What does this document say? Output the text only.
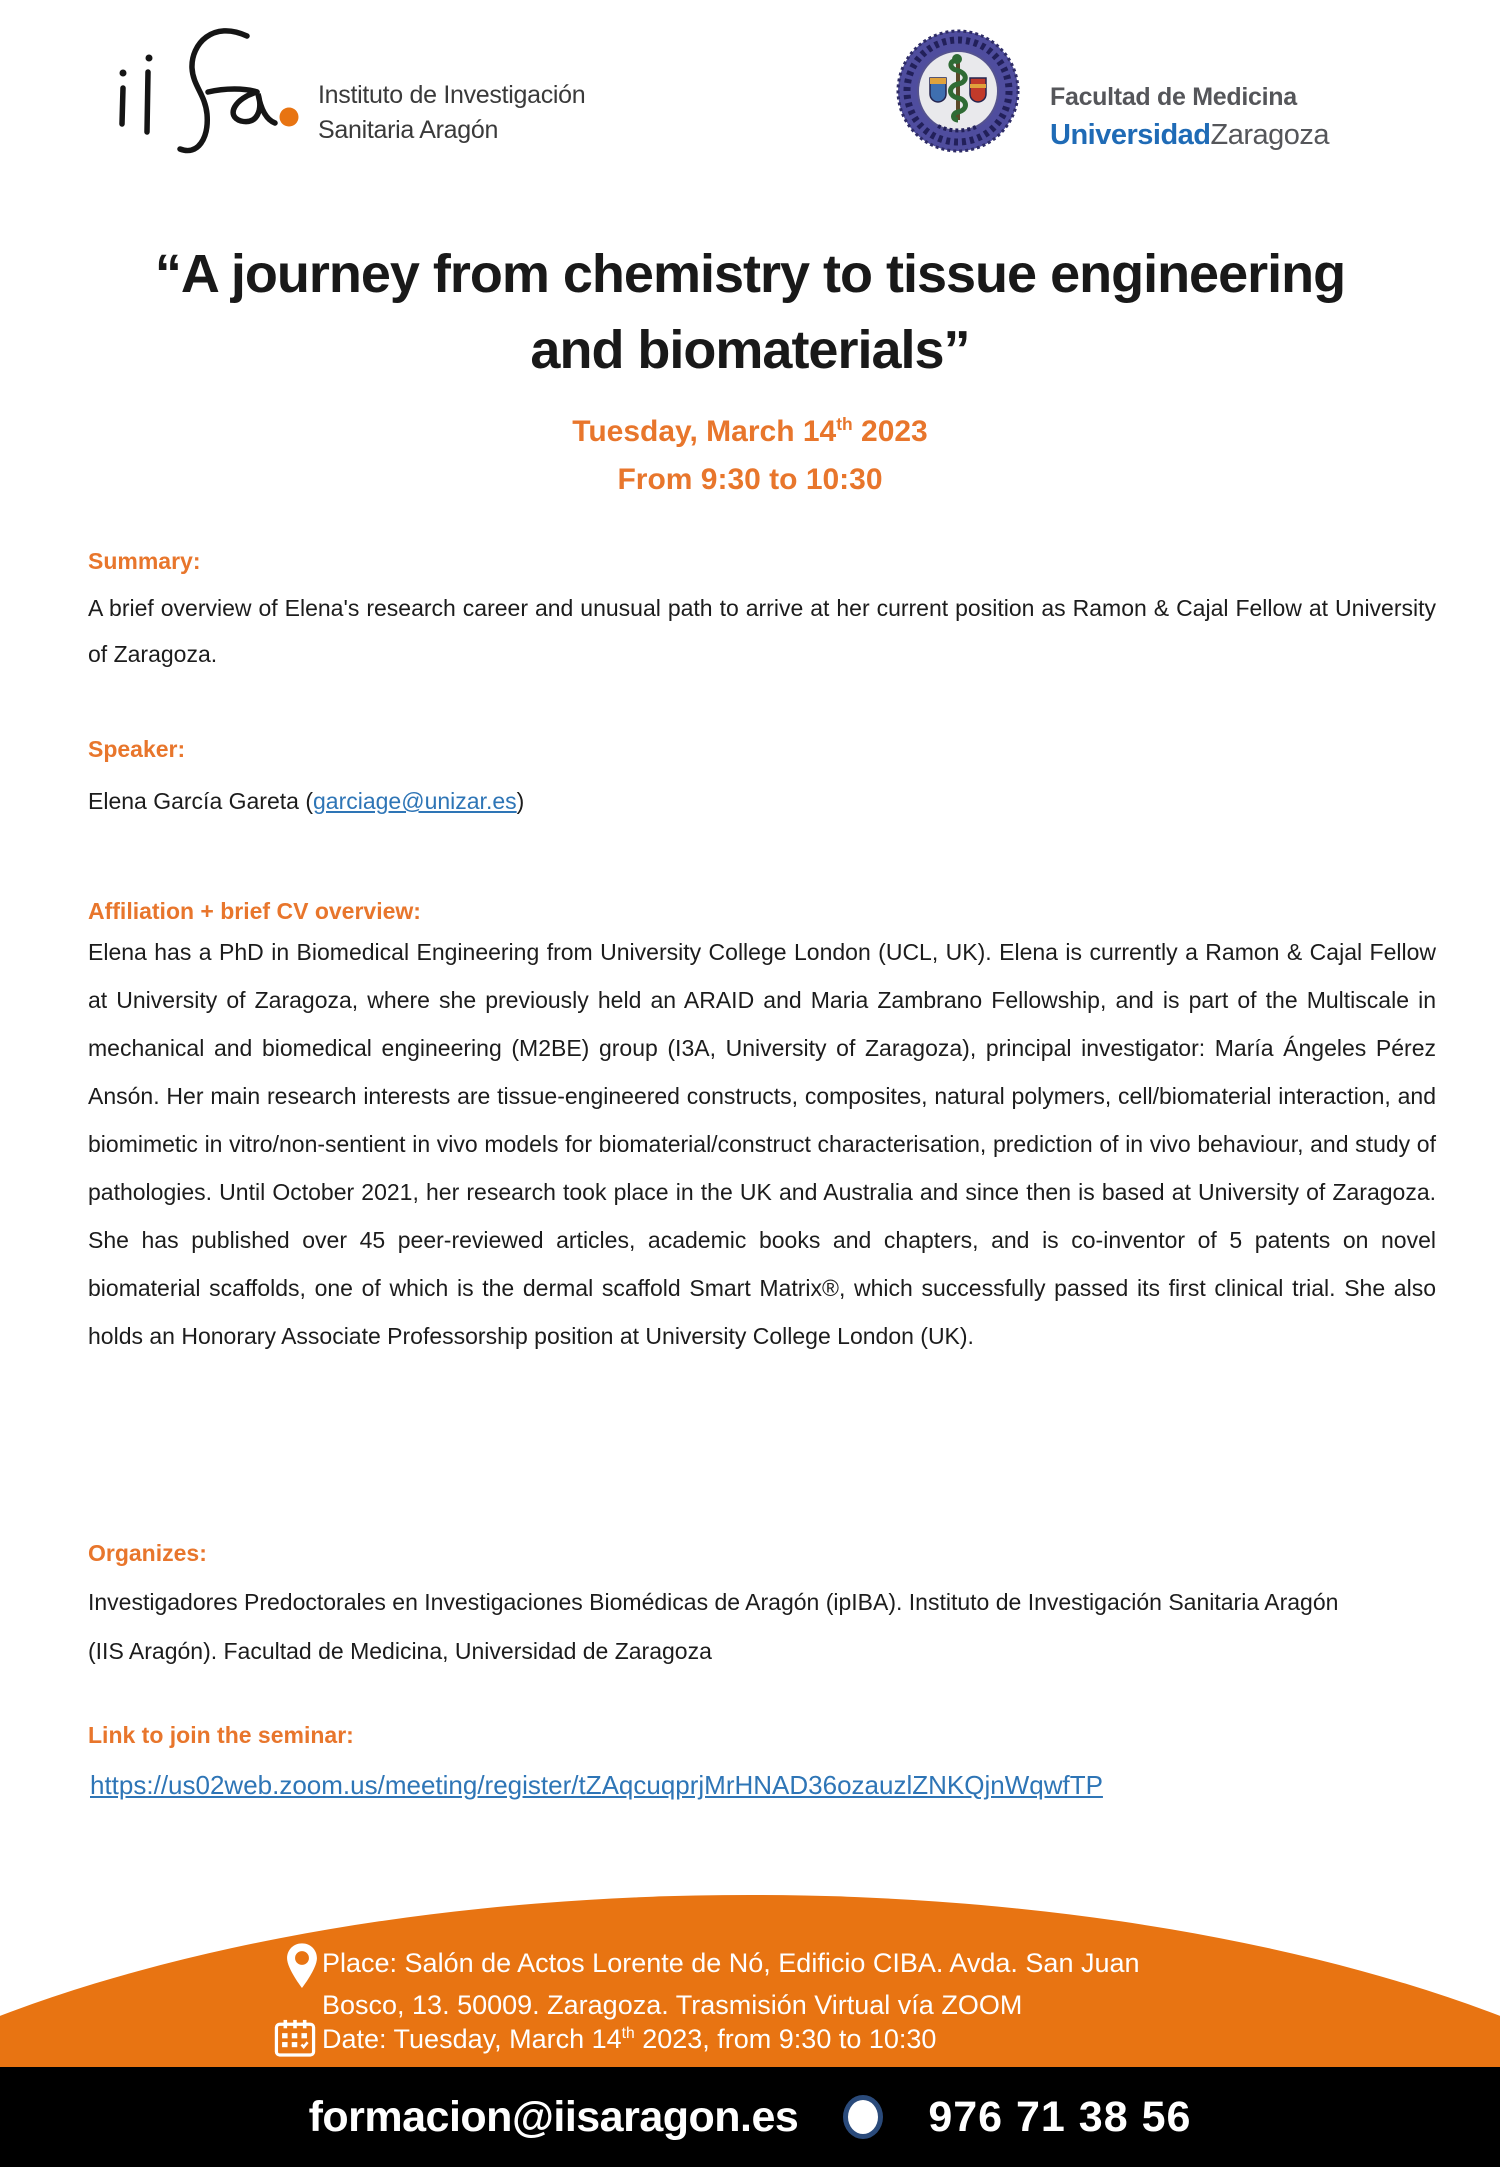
Instituto de Investigación
Sanitaria Aragón
Facultad de Medicina
UniversidadZaragoza
“A journey from chemistry to tissue engineering
and biomaterials”
Tuesday, March 14th 2023
From 9:30 to 10:30
Summary:
A brief overview of Elena's research career and unusual path to arrive at her current position as Ramon & Cajal Fellow at University of Zaragoza.
Speaker:
Elena García Gareta (garciage@unizar.es)
Affiliation + brief CV overview:
Elena has a PhD in Biomedical Engineering from University College London (UCL, UK). Elena is currently a Ramon & Cajal Fellow at University of Zaragoza, where she previously held an ARAID and Maria Zambrano Fellowship, and is part of the Multiscale in mechanical and biomedical engineering (M2BE) group (I3A, University of Zaragoza), principal investigator: María Ángeles Pérez Ansón. Her main research interests are tissue-engineered constructs, composites, natural polymers, cell/biomaterial interaction, and biomimetic in vitro/non-sentient in vivo models for biomaterial/construct characterisation, prediction of in vivo behaviour, and study of pathologies. Until October 2021, her research took place in the UK and Australia and since then is based at University of Zaragoza. She has published over 45 peer-reviewed articles, academic books and chapters, and is co-inventor of 5 patents on novel biomaterial scaffolds, one of which is the dermal scaffold Smart Matrix®, which successfully passed its first clinical trial. She also holds an Honorary Associate Professorship position at University College London (UK).
Organizes:
Investigadores Predoctorales en Investigaciones Biomédicas de Aragón (ipIBA). Instituto de Investigación Sanitaria Aragón (IIS Aragón). Facultad de Medicina, Universidad de Zaragoza
Link to join the seminar:
https://us02web.zoom.us/meeting/register/tZAqcuqprjMrHNAD36ozauzlZNKQjnWqwfTP
Place: Salón de Actos Lorente de Nó, Edificio CIBA. Avda. San Juan
Bosco, 13. 50009. Zaragoza. Trasmisión Virtual vía ZOOM
Date: Tuesday, March 14th 2023, from 9:30 to 10:30
formacion@iisaragon.es	976 71 38 56
